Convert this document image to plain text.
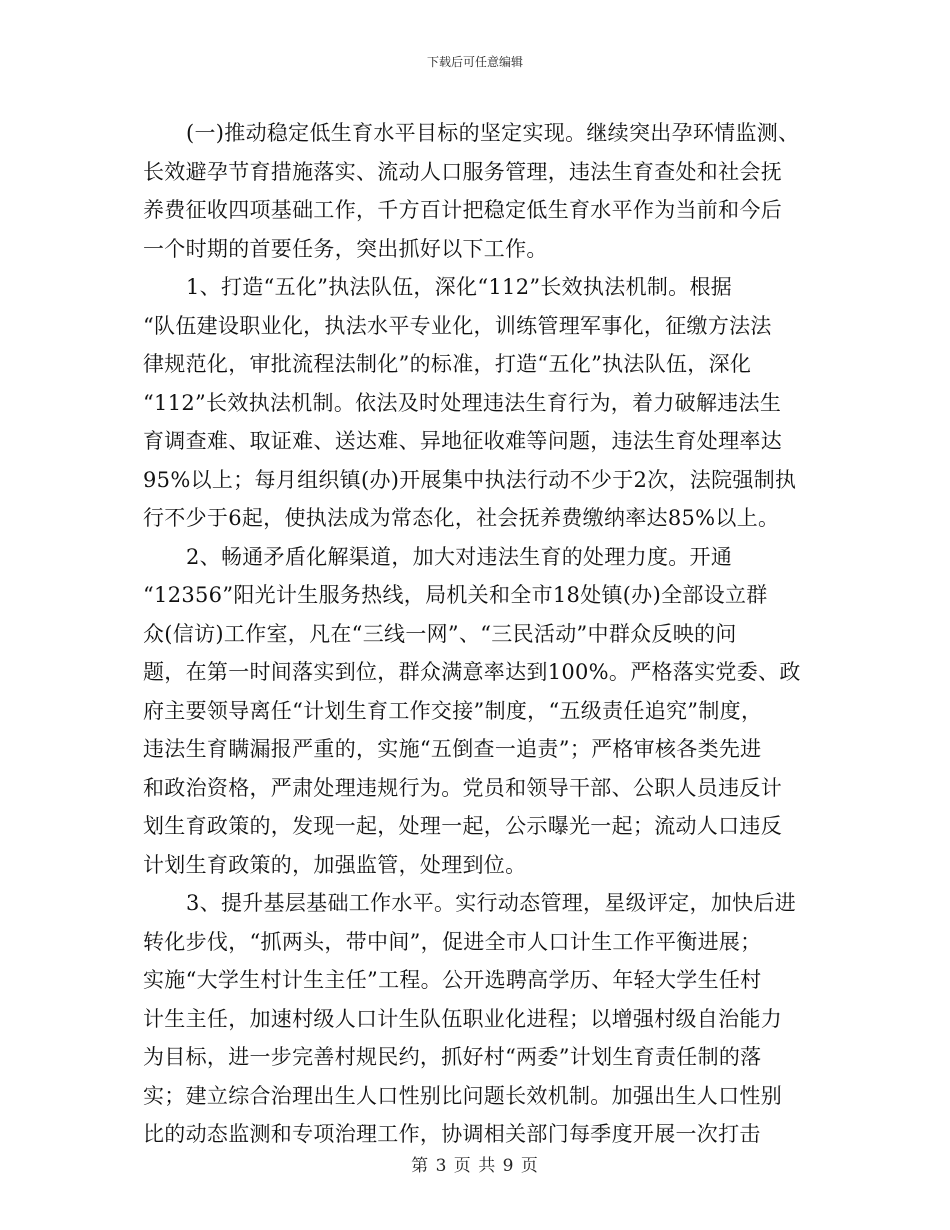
下载后可任意编辑

(一)推动稳定低生育水平目标的坚定实现。继续突出孕环情监测、
长效避孕节育措施落实、流动人口服务管理，违法生育查处和社会抚
养费征收四项基础工作，千方百计把稳定低生育水平作为当前和今后
一个时期的首要任务，突出抓好以下工作。

1、打造“五化”执法队伍，深化“112”长效执法机制。根据
“队伍建设职业化，执法水平专业化，训练管理军事化，征缴方法法
律规范化，审批流程法制化”的标准，打造“五化”执法队伍，深化
“112”长效执法机制。依法及时处理违法生育行为，着力破解违法生
育调查难、取证难、送达难、异地征收难等问题，违法生育处理率达
95%以上；每月组织镇(办)开展集中执法行动不少于2次，法院强制执
行不少于6起，使执法成为常态化，社会抚养费缴纳率达85%以上。

2、畅通矛盾化解渠道，加大对违法生育的处理力度。开通
“12356”阳光计生服务热线，局机关和全市18处镇(办)全部设立群
众(信访)工作室，凡在“三线一网”、“三民活动”中群众反映的问
题，在第一时间落实到位，群众满意率达到100%。严格落实党委、政
府主要领导离任“计划生育工作交接”制度，“五级责任追究”制度，
违法生育瞒漏报严重的，实施“五倒查一追责”；严格审核各类先进
和政治资格，严肃处理违规行为。党员和领导干部、公职人员违反计
划生育政策的，发现一起，处理一起，公示曝光一起；流动人口违反
计划生育政策的，加强监管，处理到位。

3、提升基层基础工作水平。实行动态管理，星级评定，加快后进
转化步伐，“抓两头，带中间”，促进全市人口计生工作平衡进展；
实施“大学生村计生主任”工程。公开选聘高学历、年轻大学生任村
计生主任，加速村级人口计生队伍职业化进程；以增强村级自治能力
为目标，进一步完善村规民约，抓好村“两委”计划生育责任制的落
实；建立综合治理出生人口性别比问题长效机制。加强出生人口性别
比的动态监测和专项治理工作，协调相关部门每季度开展一次打击

第 3 页 共 9 页
